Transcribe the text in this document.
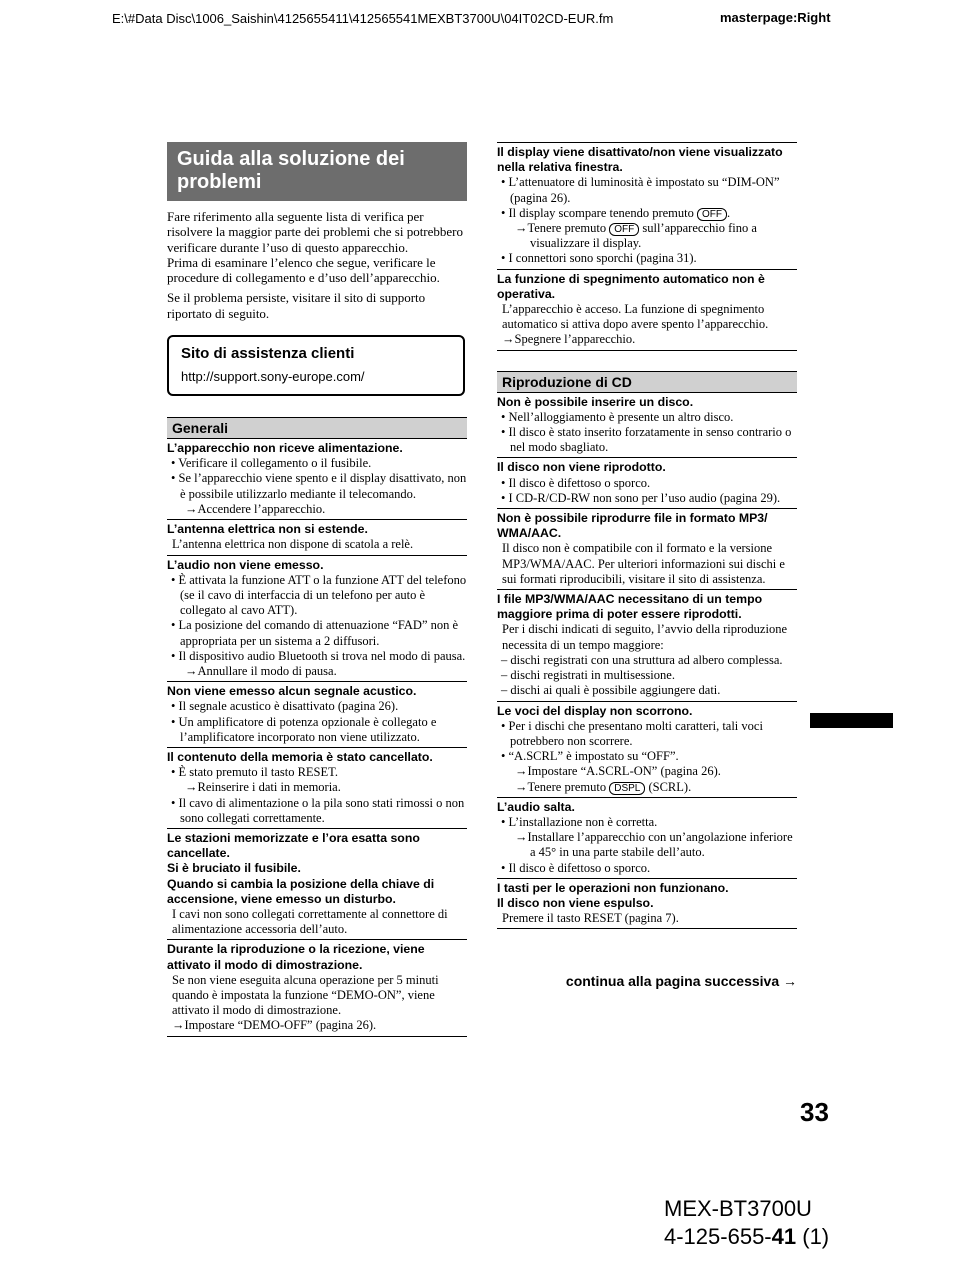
E:\#Data Disc\1006_Saishin\4125655411\412565541MEXBT3700U\04IT02CD-EUR.fm	masterpage:Right
Guida alla soluzione dei problemi

Fare riferimento alla seguente lista di verifica per risolvere la maggior parte dei problemi che si potrebbero verificare durante l’uso di questo apparecchio.

Prima di esaminare l’elenco che segue, verificare le procedure di collegamento e d’uso dell’apparecchio.

Se il problema persiste, visitare il sito di supporto riportato di seguito.

Sito di assistenza clienti
http://support.sony-europe.com/
Generali
L’apparecchio non riceve alimentazione.
• Verificare il collegamento o il fusibile.
• Se l’apparecchio viene spento e il display disattivato, non è possibile utilizzarlo mediante il telecomando.
→Accendere l’apparecchio.
L’antenna elettrica non si estende.
L’antenna elettrica non dispone di scatola a relè.
L’audio non viene emesso.
• È attivata la funzione ATT o la funzione ATT del telefono (se il cavo di interfaccia di un telefono per auto è collegato al cavo ATT).
• La posizione del comando di attenuazione “FAD” non è appropriata per un sistema a 2 diffusori.
• Il dispositivo audio Bluetooth si trova nel modo di pausa.
→Annullare il modo di pausa.
Non viene emesso alcun segnale acustico.
• Il segnale acustico è disattivato (pagina 26).
• Un amplificatore di potenza opzionale è collegato e l’amplificatore incorporato non viene utilizzato.
Il contenuto della memoria è stato cancellato.
• È stato premuto il tasto RESET.
→Reinserire i dati in memoria.
• Il cavo di alimentazione o la pila sono stati rimossi o non sono collegati correttamente.
Le stazioni memorizzate e l’ora esatta sono cancellate.
Si è bruciato il fusibile.
Quando si cambia la posizione della chiave di accensione, viene emesso un disturbo.
I cavi non sono collegati correttamente al connettore di alimentazione accessoria dell’auto.
Durante la riproduzione o la ricezione, viene attivato il modo di dimostrazione.
Se non viene eseguita alcuna operazione per 5 minuti quando è impostata la funzione “DEMO-ON”, viene attivato il modo di dimostrazione.
→Impostare “DEMO-OFF” (pagina 26).
Il display viene disattivato/non viene visualizzato nella relativa finestra.
• L’attenuatore di luminosità è impostato su “DIM-ON” (pagina 26).
• Il display scompare tenendo premuto OFF .
→Tenere premuto OFF sull’apparecchio fino a visualizzare il display.
• I connettori sono sporchi (pagina 31).
La funzione di spegnimento automatico non è operativa.
L’apparecchio è acceso. La funzione di spegnimento automatico si attiva dopo avere spento l’apparecchio.
→Spegnere l’apparecchio.
Riproduzione di CD
Non è possibile inserire un disco.
• Nell’alloggiamento è presente un altro disco.
• Il disco è stato inserito forzatamente in senso contrario o nel modo sbagliato.
Il disco non viene riprodotto.
• Il disco è difettoso o sporco.
• I CD-R/CD-RW non sono per l’uso audio (pagina 29).
Non è possibile riprodurre file in formato MP3/ WMA/AAC.
Il disco non è compatibile con il formato e la versione MP3/WMA/AAC. Per ulteriori informazioni sui dischi e sui formati riproducibili, visitare il sito di assistenza.
I file MP3/WMA/AAC necessitano di un tempo maggiore prima di poter essere riprodotti.
Per i dischi indicati di seguito, l’avvio della riproduzione necessita di un tempo maggiore:
– dischi registrati con una struttura ad albero complessa.
– dischi registrati in multisessione.
– dischi ai quali è possibile aggiungere dati.
Le voci del display non scorrono.
• Per i dischi che presentano molti caratteri, tali voci potrebbero non scorrere.
• “A.SCRL” è impostato su “OFF”.
→Impostare “A.SCRL-ON” (pagina 26).
→Tenere premuto DSPL (SCRL).
L’audio salta.
• L’installazione non è corretta.
→Installare l’apparecchio con un’angolazione inferiore a 45° in una parte stabile dell’auto.
• Il disco è difettoso o sporco.
I tasti per le operazioni non funzionano.
Il disco non viene espulso.
Premere il tasto RESET (pagina 7).
continua alla pagina successiva →
33
MEX-BT3700U
4-125-655-41 (1)
